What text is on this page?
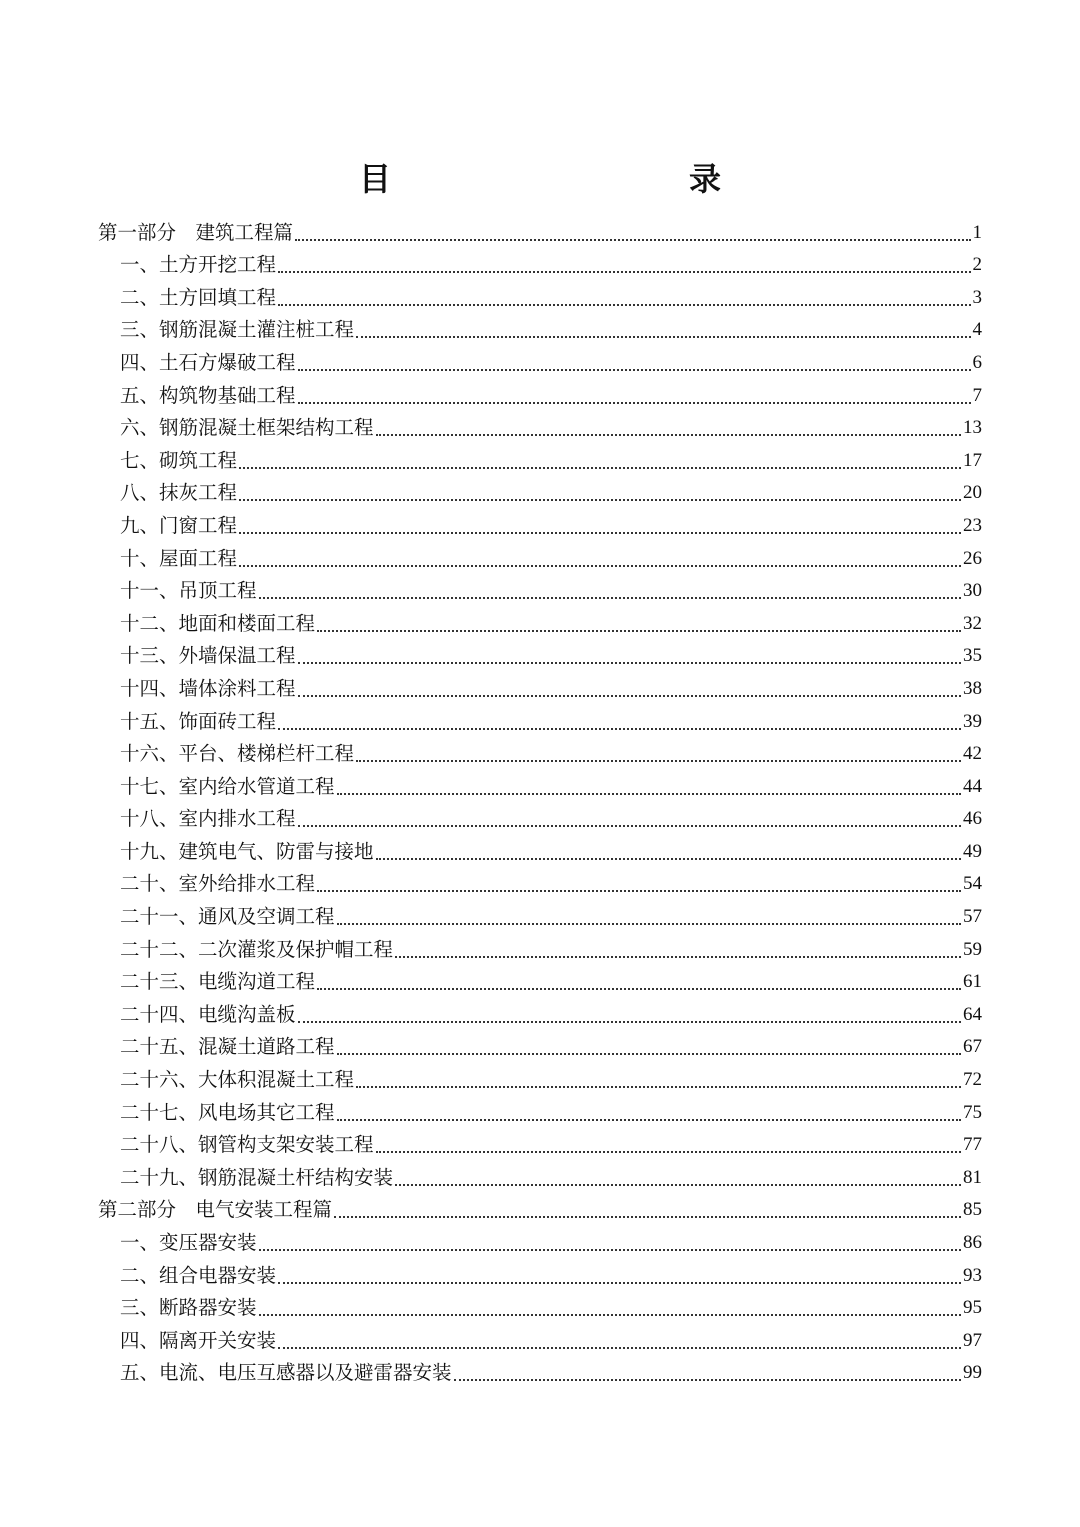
目　　录
第一部分　建筑工程篇	1
一、土方开挖工程	2
二、土方回填工程	3
三、钢筋混凝土灌注桩工程	4
四、土石方爆破工程	6
五、构筑物基础工程	7
六、钢筋混凝土框架结构工程	13
七、砌筑工程	17
八、抹灰工程	20
九、门窗工程	23
十、屋面工程	26
十一、吊顶工程	30
十二、地面和楼面工程	32
十三、外墙保温工程	35
十四、墙体涂料工程	38
十五、饰面砖工程	39
十六、平台、楼梯栏杆工程	42
十七、室内给水管道工程	44
十八、室内排水工程	46
十九、建筑电气、防雷与接地	49
二十、室外给排水工程	54
二十一、通风及空调工程	57
二十二、二次灌浆及保护帽工程	59
二十三、电缆沟道工程	61
二十四、电缆沟盖板	64
二十五、混凝土道路工程	67
二十六、大体积混凝土工程	72
二十七、风电场其它工程	75
二十八、钢管构支架安装工程	77
二十九、钢筋混凝土杆结构安装	81
第二部分　电气安装工程篇	85
一、变压器安装	86
二、组合电器安装	93
三、断路器安装	95
四、隔离开关安装	97
五、电流、电压互感器以及避雷器安装	99
